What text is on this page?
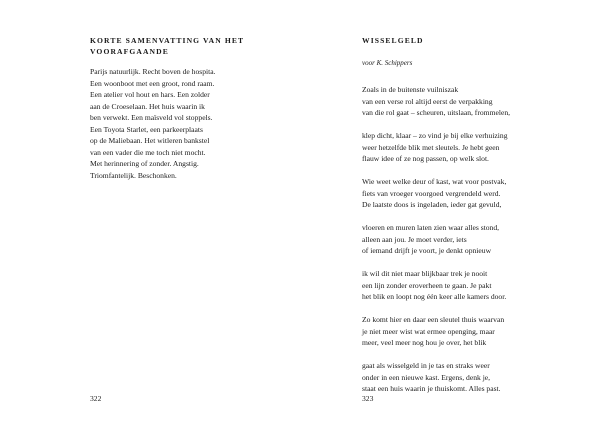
KORTE SAMENVATTING VAN HET
VOORAFGAANDE

Parijs natuurlijk. Recht boven de hospita.
Een woonboot met een groot, rond raam.
Een atelier vol hout en hars. Een zolder
aan de Croeselaan. Het huis waarin ik
ben verwekt. Een maïsveld vol stoppels.
Een Toyota Starlet, een parkeerplaats
op de Maliebaan. Het witleren bankstel
van een vader die me toch niet mocht.
Met herinnering of zonder. Angstig.
Triomfantelijk. Beschonken.

322

WISSELGELD

voor K. Schippers

Zoals in de buitenste vuilniszak
van een verse rol altijd eerst de verpakking
van die rol gaat – scheuren, uitslaan, frommelen,

klep dicht, klaar – zo vind je bij elke verhuizing
weer hetzelfde blik met sleutels. Je hebt geen
flauw idee of ze nog passen, op welk slot.

Wie weet welke deur of kast, wat voor postvak,
fiets van vroeger voorgoed vergrendeld werd.
De laatste doos is ingeladen, ieder gat gevuld,

vloeren en muren laten zien waar alles stond,
alleen aan jou. Je moet verder, iets
of iemand drijft je voort, je denkt opnieuw

ik wil dit niet maar blijkbaar trek je nooit
een lijn zonder eroverheen te gaan. Je pakt
het blik en loopt nog één keer alle kamers door.

Zo komt hier en daar een sleutel thuis waarvan
je niet meer wist wat ermee openging, maar
meer, veel meer nog hou je over, het blik

gaat als wisselgeld in je tas en straks weer
onder in een nieuwe kast. Ergens, denk je,
staat een huis waarin je thuiskomt. Alles past.

323
